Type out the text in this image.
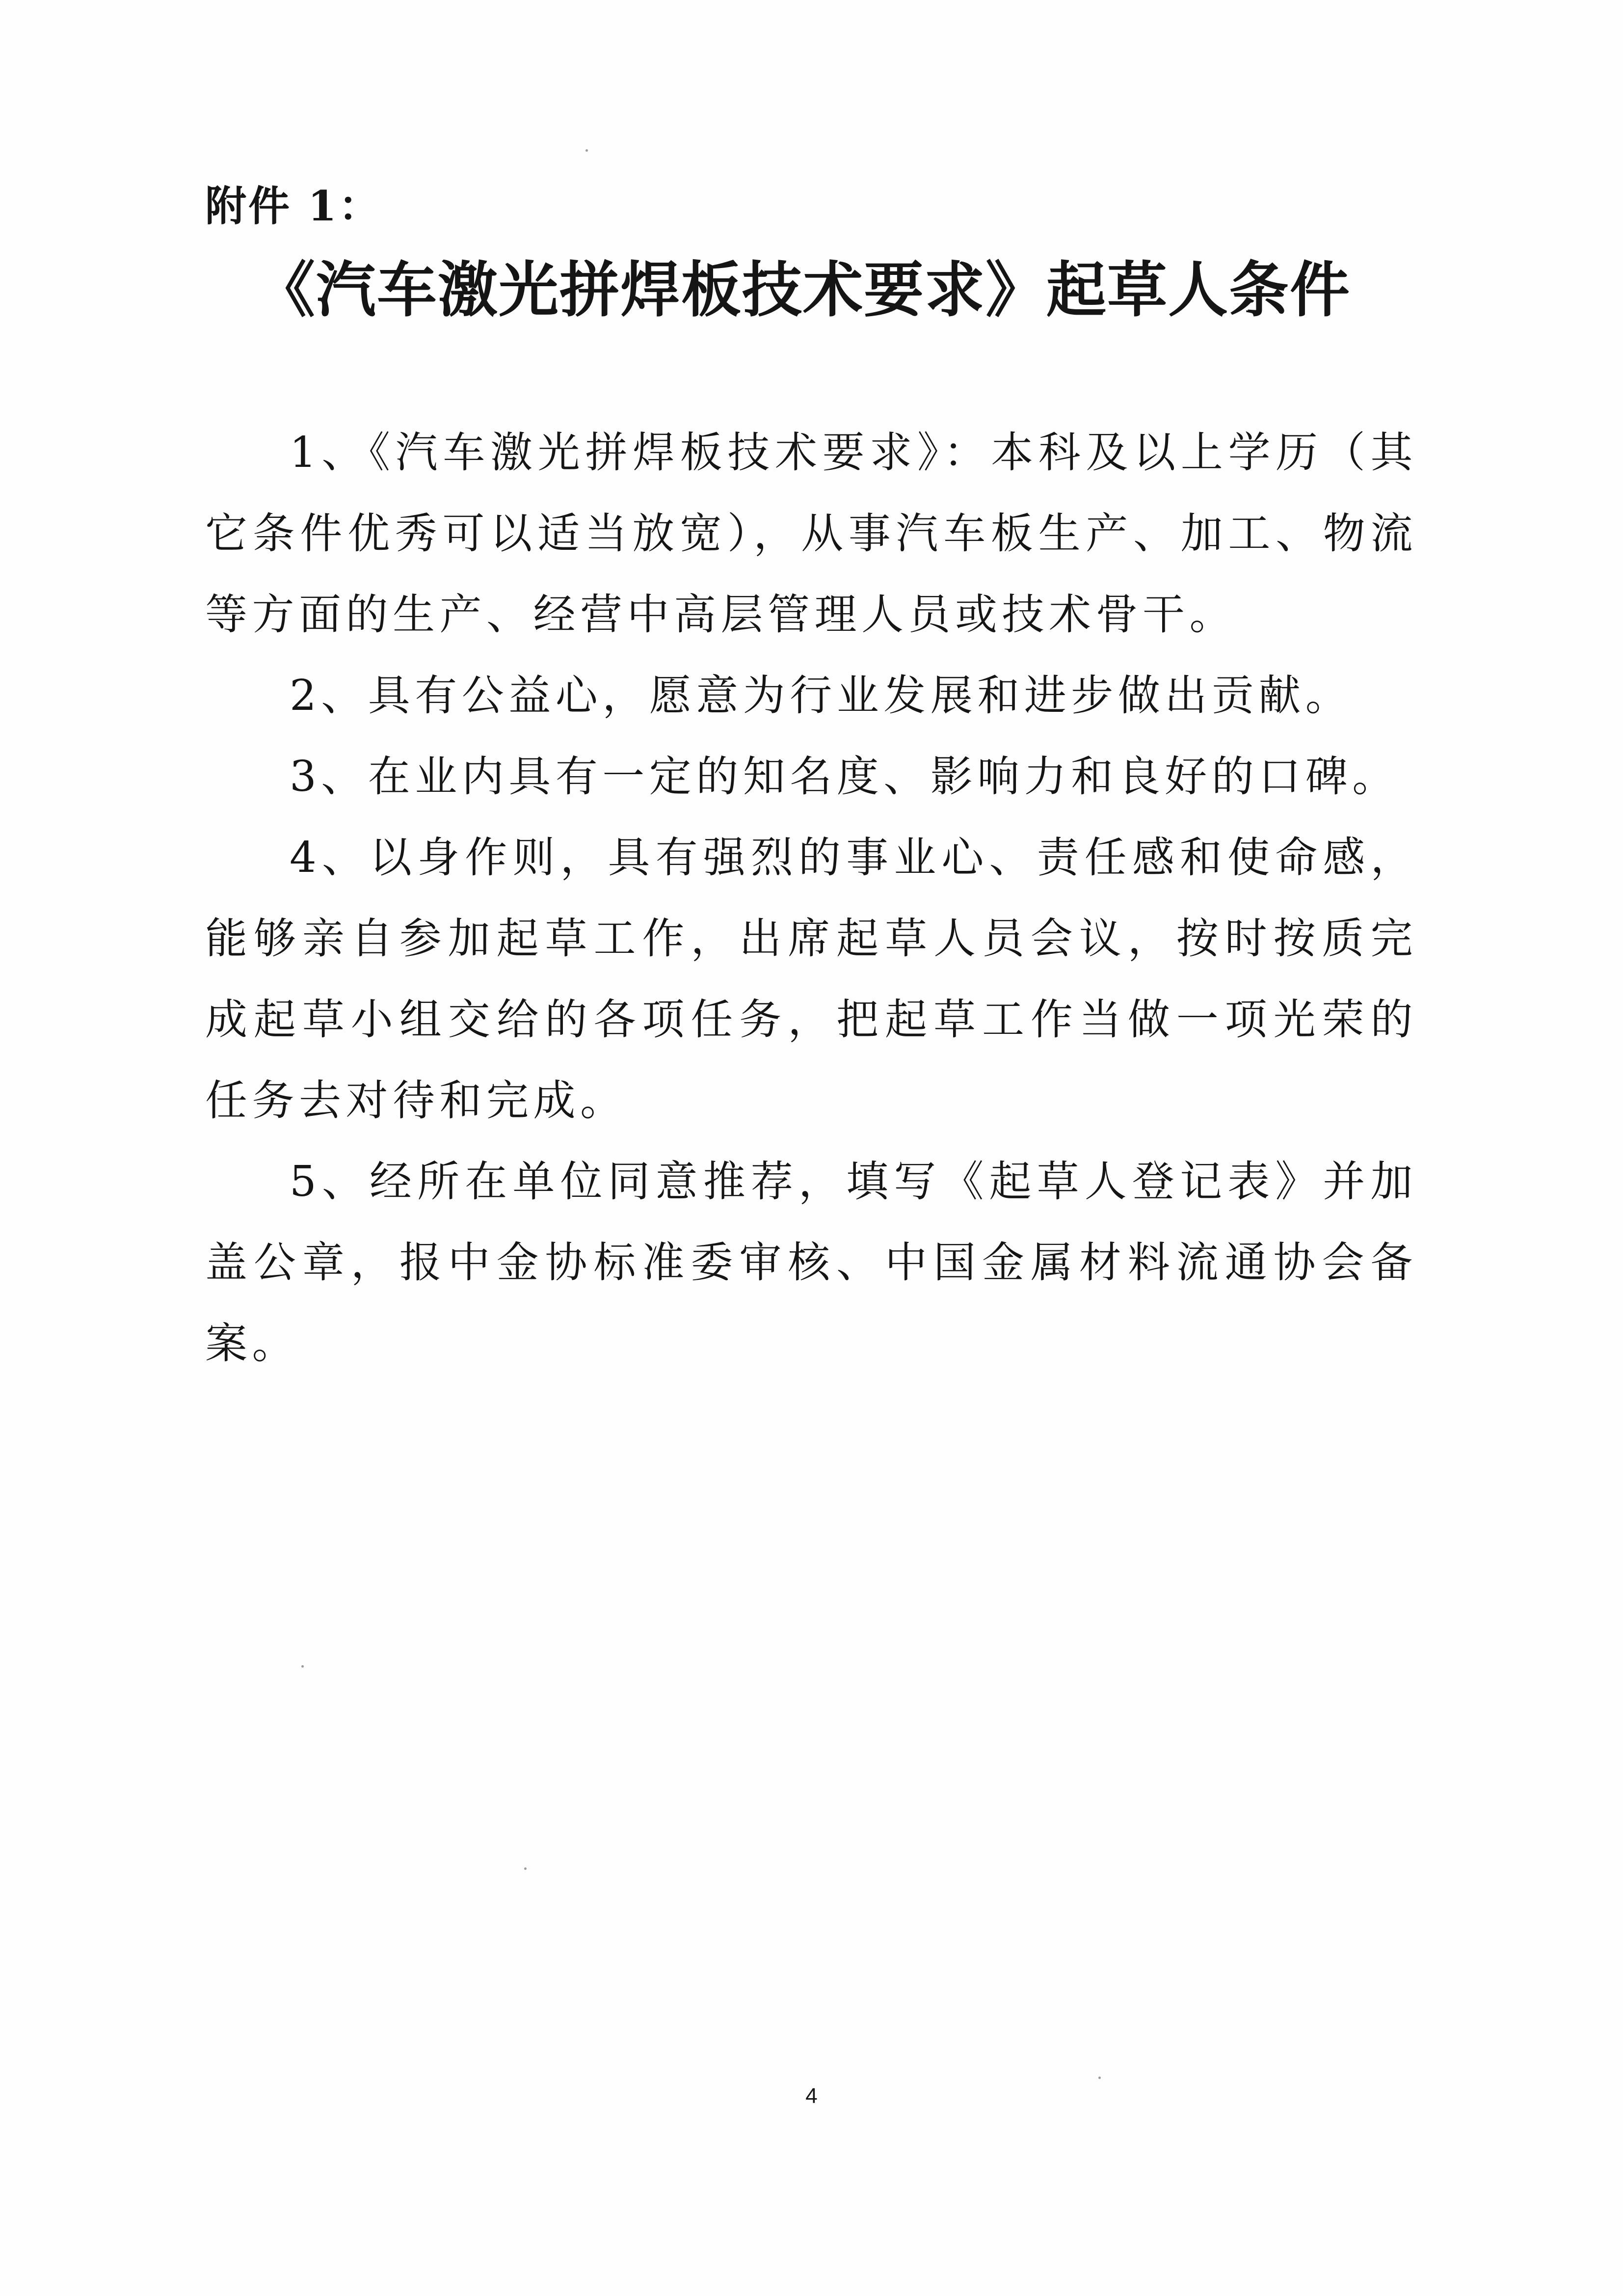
附件 1：
《汽车激光拼焊板技术要求》起草人条件

1、《汽车激光拼焊板技术要求》：本科及以上学历（其它条件优秀可以适当放宽），从事汽车板生产、加工、物流等方面的生产、经营中高层管理人员或技术骨干。

2、具有公益心，愿意为行业发展和进步做出贡献。

3、在业内具有一定的知名度、影响力和良好的口碑。

4、以身作则，具有强烈的事业心、责任感和使命感，能够亲自参加起草工作，出席起草人员会议，按时按质完成起草小组交给的各项任务，把起草工作当做一项光荣的任务去对待和完成。

5、经所在单位同意推荐，填写《起草人登记表》并加盖公章，报中金协标准委审核、中国金属材料流通协会备案。

4
